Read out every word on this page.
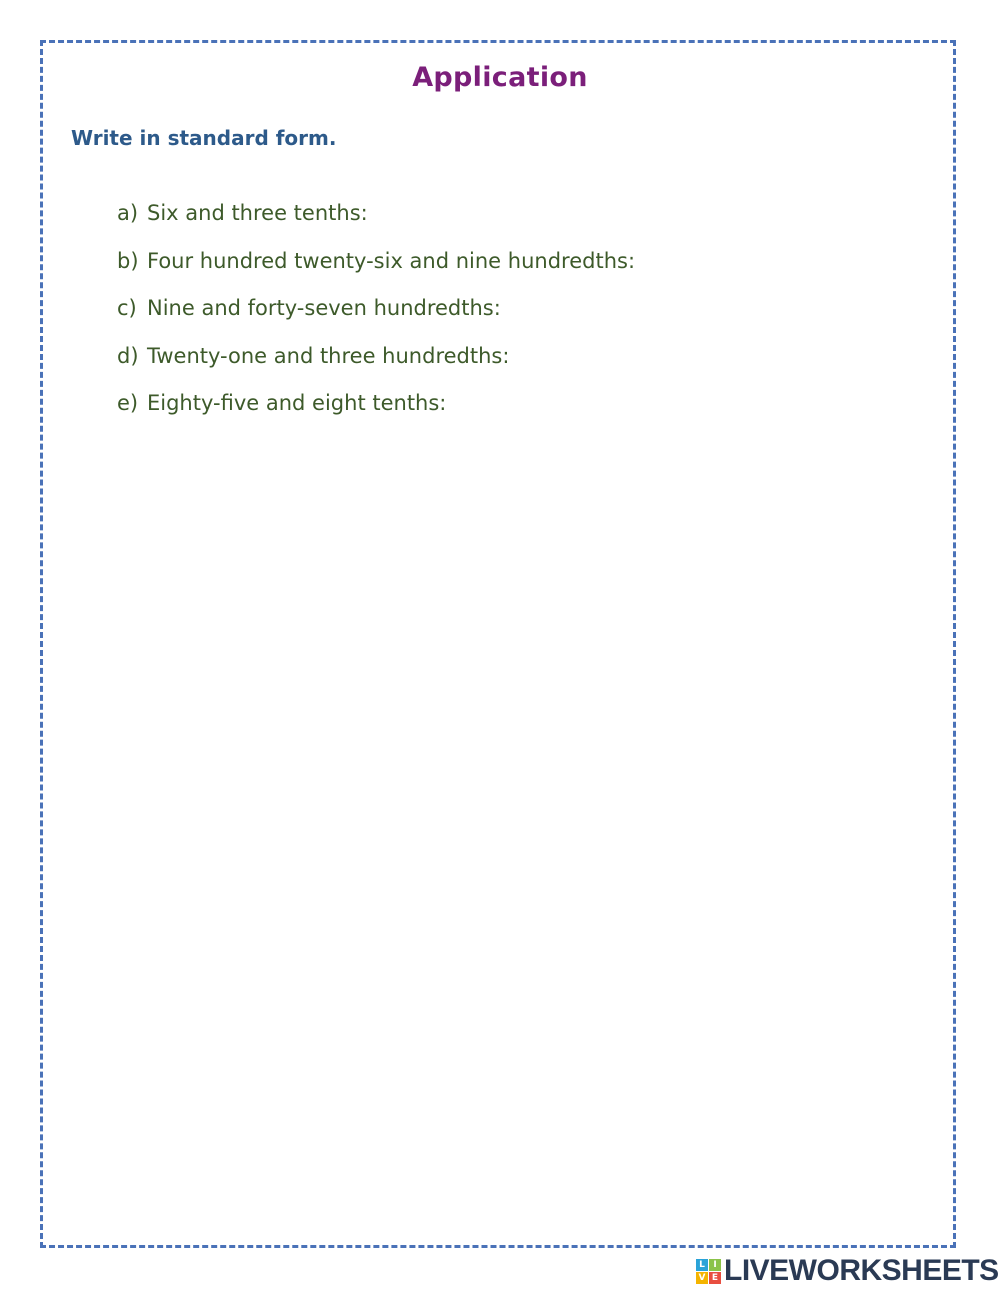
Application
Write in standard form.
a) Six and three tenths:
b) Four hundred twenty-six and nine hundredths:
c) Nine and forty-seven hundredths:
d) Twenty-one and three hundredths:
e) Eighty-five and eight tenths:
L I
V E LIVEWORKSHEETS
